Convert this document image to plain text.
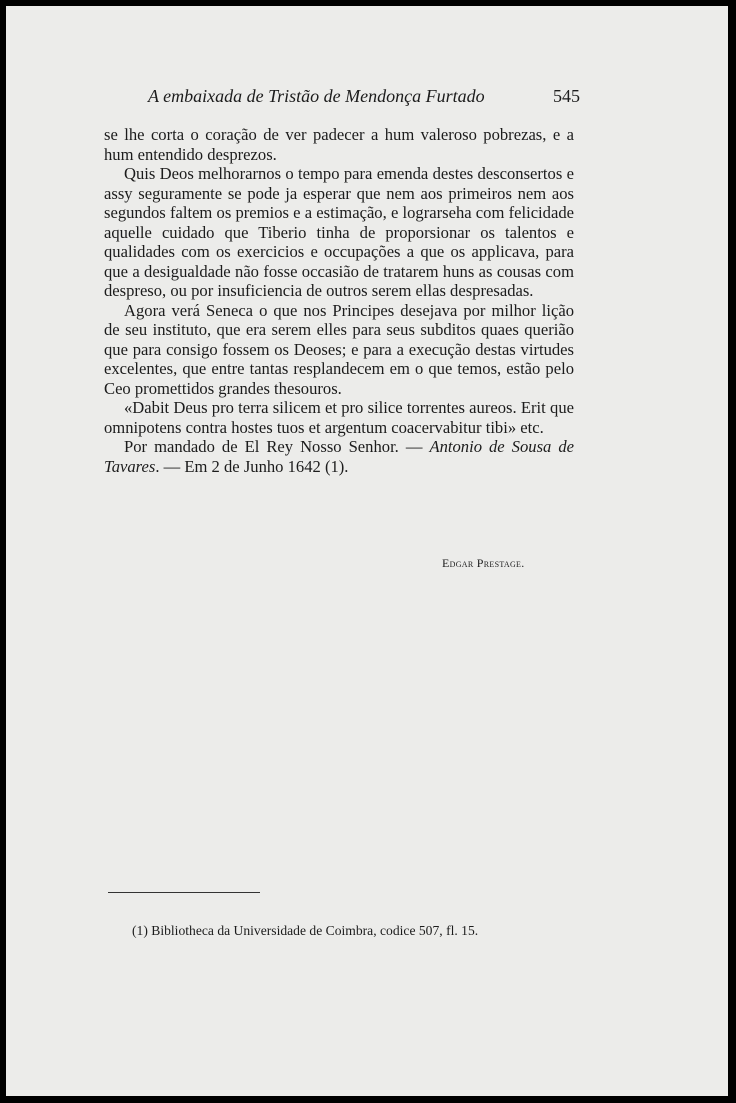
A embaixada de Tristão de Mendonça Furtado	545

se lhe corta o coração de ver padecer a hum valeroso pobrezas, e a hum entendido desprezos.

Quis Deos melhorarnos o tempo para emenda destes desconsertos e assy seguramente se pode ja esperar que nem aos primeiros nem aos segundos faltem os premios e a estimação, e lograrseha com felicidade aquelle cuidado que Tiberio tinha de proporsionar os talentos e qualidades com os exercicios e occupações a que os applicava, para que a desigualdade não fosse occasião de tratarem huns as cousas com despreso, ou por insuficiencia de outros serem ellas despresadas.

Agora verá Seneca o que nos Principes desejava por milhor lição de seu instituto, que era serem elles para seus subditos quaes querião que para consigo fossem os Deoses; e para a execução destas virtudes excelentes, que entre tantas resplandecem em o que temos, estão pelo Ceo promettidos grandes thesouros.

«Dabit Deus pro terra silicem et pro silice torrentes aureos. Erit que omnipotens contra hostes tuos et argentum coacervabitur tibi» etc.

Por mandado de El Rey Nosso Senhor. — Antonio de Sousa de Tavares. — Em 2 de Junho 1642 (1).

Edgar Prestage.
(1) Bibliotheca da Universidade de Coimbra, codice 507, fl. 15.
